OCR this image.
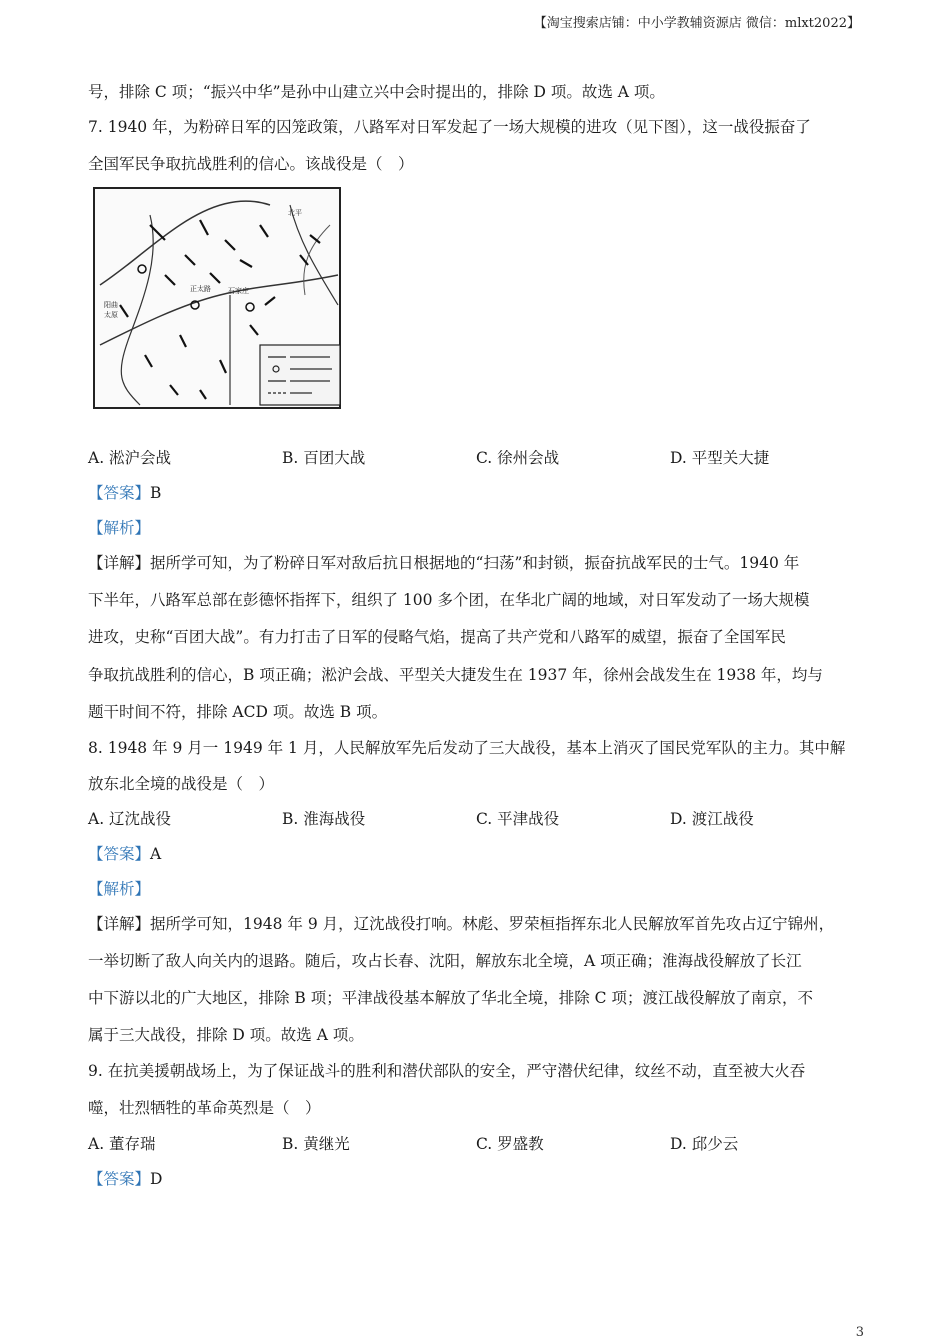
【淘宝搜索店铺：中小学教辅资源店 微信：mlxt2022】
号，排除 C 项；“振兴中华”是孙中山建立兴中会时提出的，排除 D 项。故选 A 项。
7. 1940 年，为粉碎日军的囚笼政策，八路军对日军发起了一场大规模的进攻（见下图），这一战役振奋了
全国军民争取抗战胜利的信心。该战役是（　）
石家庄
阳曲
北平
正太路
太原
A. 淞沪会战	B. 百团大战	C. 徐州会战	D. 平型关大捷
【答案】B
【解析】
【详解】据所学可知，为了粉碎日军对敌后抗日根据地的“扫荡”和封锁，振奋抗战军民的士气。1940 年
下半年，八路军总部在彭德怀指挥下，组织了 100 多个团，在华北广阔的地域，对日军发动了一场大规模
进攻，史称“百团大战”。有力打击了日军的侵略气焰，提高了共产党和八路军的威望，振奋了全国军民
争取抗战胜利的信心，B 项正确；淞沪会战、平型关大捷发生在 1937 年，徐州会战发生在 1938 年，均与
题干时间不符，排除 ACD 项。故选 B 项。
8. 1948 年 9 月一 1949 年 1 月，人民解放军先后发动了三大战役，基本上消灭了国民党军队的主力。其中解
放东北全境的战役是（　）
A. 辽沈战役	B. 淮海战役	C. 平津战役	D. 渡江战役
【答案】A
【解析】
【详解】据所学可知，1948 年 9 月，辽沈战役打响。林彪、罗荣桓指挥东北人民解放军首先攻占辽宁锦州，
一举切断了敌人向关内的退路。随后，攻占长春、沈阳，解放东北全境，A 项正确；淮海战役解放了长江
中下游以北的广大地区，排除 B 项；平津战役基本解放了华北全境，排除 C 项；渡江战役解放了南京，不
属于三大战役，排除 D 项。故选 A 项。
9. 在抗美援朝战场上，为了保证战斗的胜利和潜伏部队的安全，严守潜伏纪律，纹丝不动，直至被大火吞
噬，壮烈牺牲的革命英烈是（　）
A. 董存瑞	B. 黄继光	C. 罗盛教	D. 邱少云
【答案】D
3
